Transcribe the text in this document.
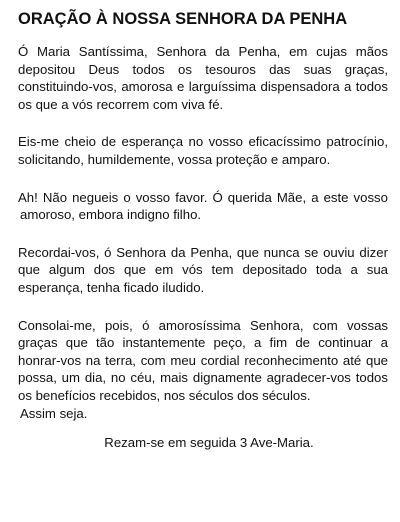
ORAÇÃO À NOSSA SENHORA DA PENHA

Ó Maria Santíssima, Senhora da Penha, em cujas mãos
depositou Deus todos os tesouros das suas graças,
constituindo-vos, amorosa e larguíssima dispensadora a todos
os que a vós recorrem com viva fé.

Eis-me cheio de esperança no vosso eficacíssimo patrocínio,
solicitando, humildemente, vossa proteção e amparo.

Ah! Não negueis o vosso favor. Ó querida Mãe, a este vosso
amoroso, embora indigno filho.

Recordai-vos, ó Senhora da Penha, que nunca se ouviu dizer
que algum dos que em vós tem depositado toda a sua
esperança, tenha ficado iludido.

Consolai-me, pois, ó amorosíssima Senhora, com vossas
graças que tão instantemente peço, a fim de continuar a
honrar-vos na terra, com meu cordial reconhecimento até que
possa, um dia, no céu, mais dignamente agradecer-vos todos
os benefícios recebidos, nos séculos dos séculos.
Assim seja.

Rezam-se em seguida 3 Ave-Maria.
